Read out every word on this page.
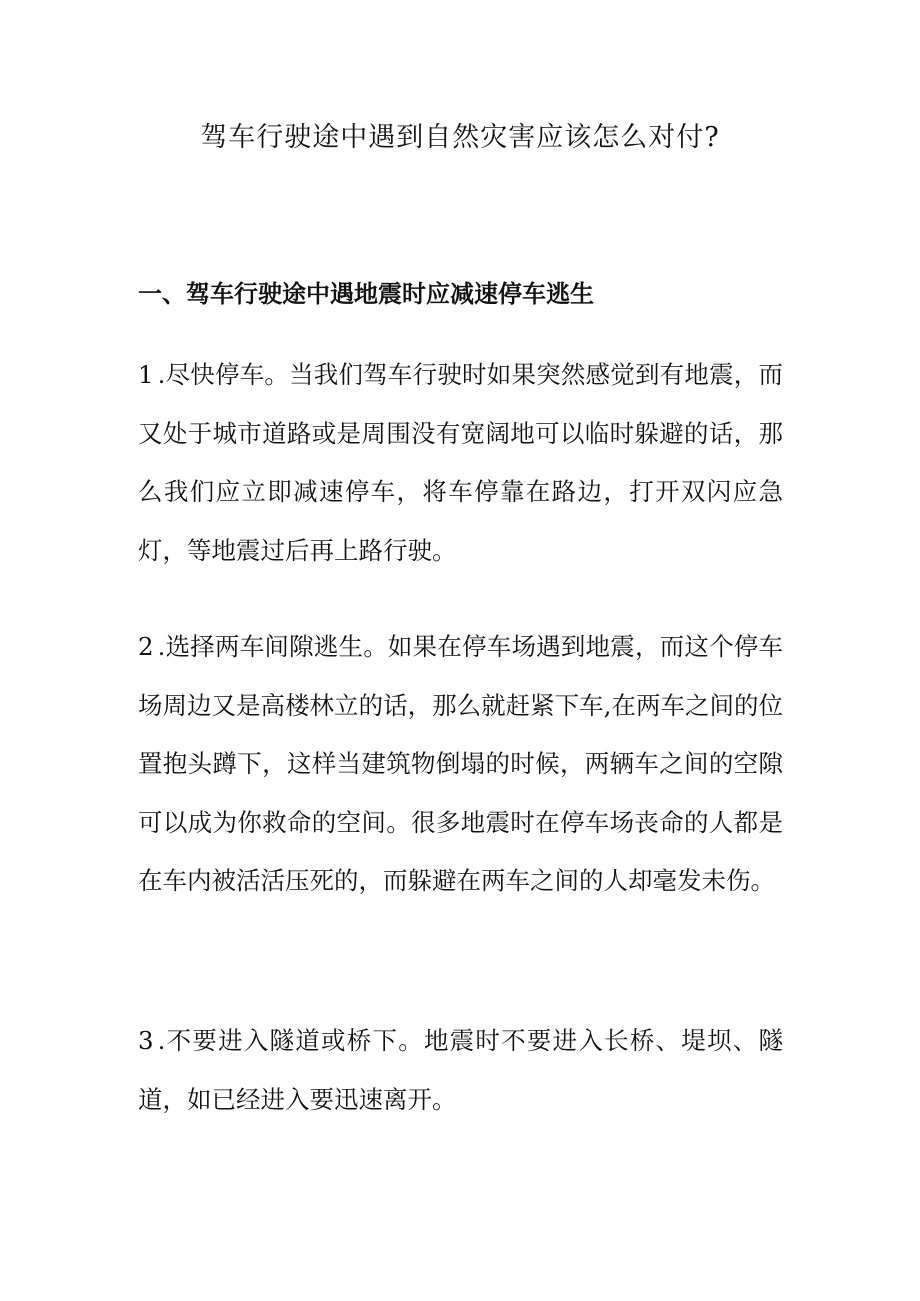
驾车行驶途中遇到自然灾害应该怎么对付?
一、驾车行驶途中遇地震时应减速停车逃生

1 .尽快停车。当我们驾车行驶时如果突然感觉到有地震，而又处于城市道路或是周围没有宽阔地可以临时躲避的话，那么我们应立即减速停车，将车停靠在路边，打开双闪应急灯，等地震过后再上路行驶。

2 .选择两车间隙逃生。如果在停车场遇到地震，而这个停车场周边又是高楼林立的话，那么就赶紧下车,在两车之间的位置抱头蹲下，这样当建筑物倒塌的时候，两辆车之间的空隙可以成为你救命的空间。很多地震时在停车场丧命的人都是在车内被活活压死的，而躲避在两车之间的人却毫发未伤。

3 .不要进入隧道或桥下。地震时不要进入长桥、堤坝、隧道，如已经进入要迅速离开。
